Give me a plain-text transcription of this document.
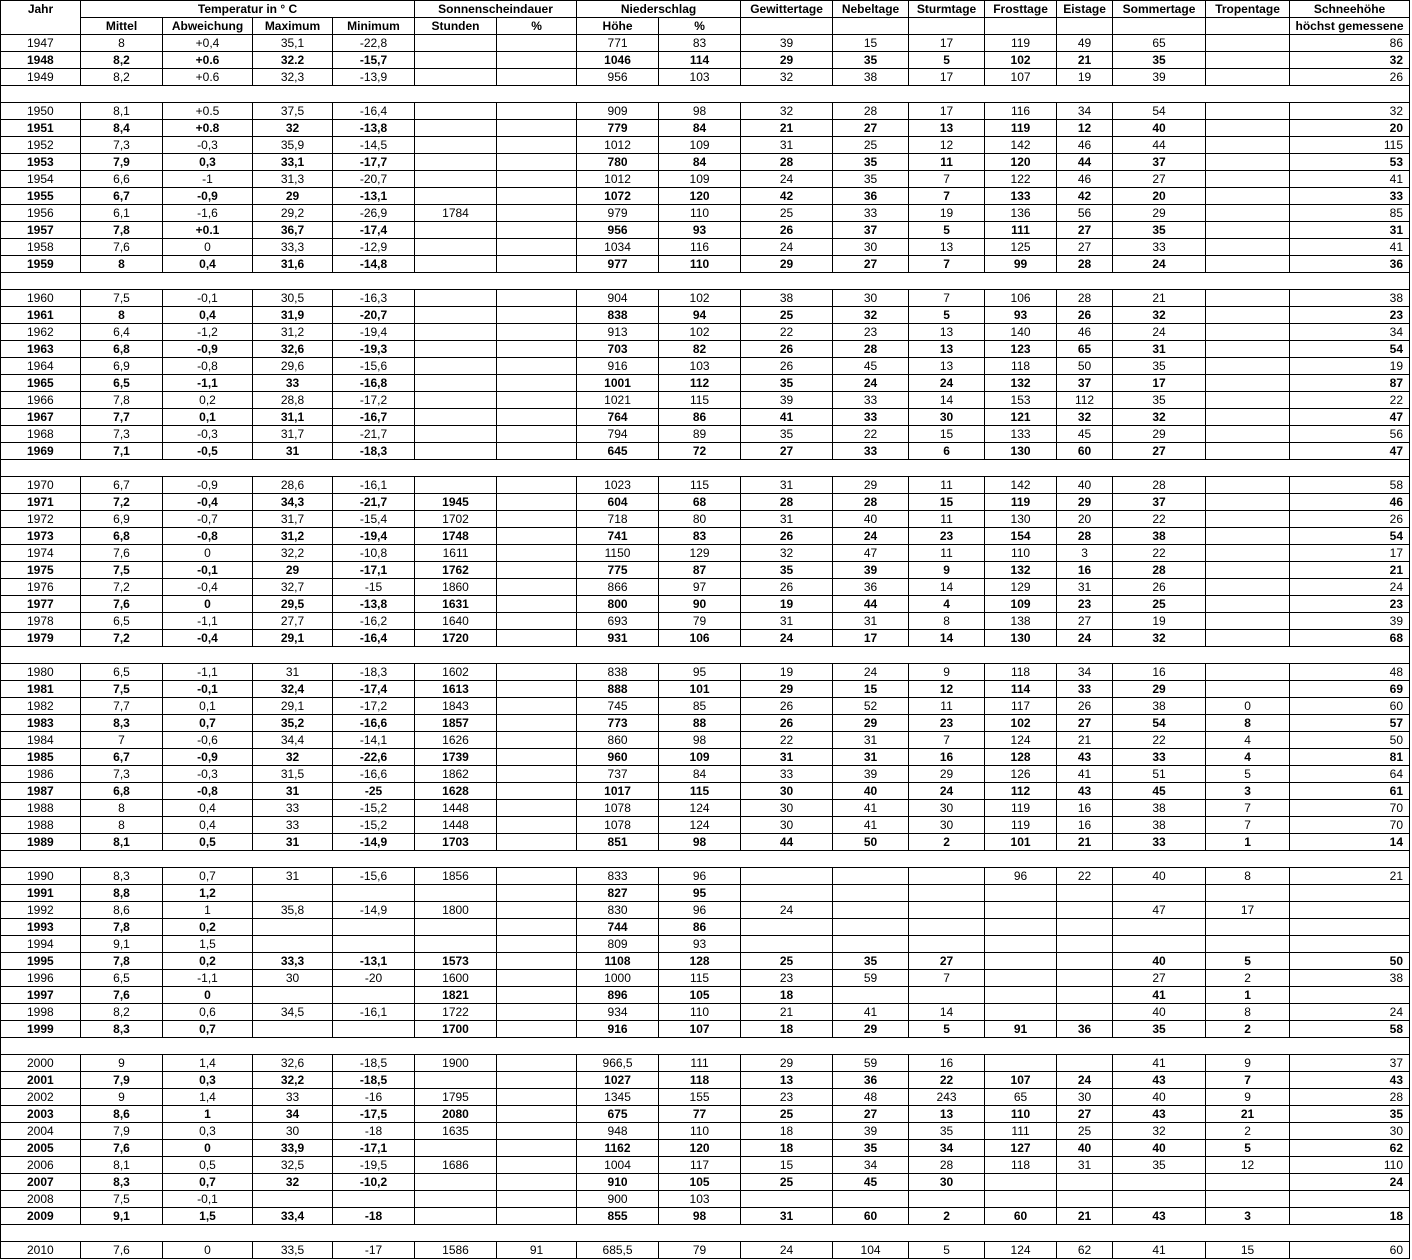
Jahr	Temperatur in ° C				Sonnenscheindauer		Niederschlag		Gewittertage	Nebeltage	Sturmtage	Frosttage	Eistage	Sommertage	Tropentage	Schneehöhe
	Mittel	Abweichung	Maximum	Minimum	Stunden	%	Höhe	%								höchst gemessene
1947	8	+0,4	35,1	-22,8			771	83	39	15	17	119	49	65		86
1948	8,2	+0.6	32.2	-15,7			1046	114	29	35	5	102	21	35		32
1949	8,2	+0.6	32,3	-13,9			956	103	32	38	17	107	19	39		26

1950	8,1	+0.5	37,5	-16,4			909	98	32	28	17	116	34	54		32
1951	8,4	+0.8	32	-13,8			779	84	21	27	13	119	12	40		20
1952	7,3	-0,3	35,9	-14,5			1012	109	31	25	12	142	46	44		115
1953	7,9	0,3	33,1	-17,7			780	84	28	35	11	120	44	37		53
1954	6,6	-1	31,3	-20,7			1012	109	24	35	7	122	46	27		41
1955	6,7	-0,9	29	-13,1			1072	120	42	36	7	133	42	20		33
1956	6,1	-1,6	29,2	-26,9	1784		979	110	25	33	19	136	56	29		85
1957	7,8	+0.1	36,7	-17,4			956	93	26	37	5	111	27	35		31
1958	7,6	0	33,3	-12,9			1034	116	24	30	13	125	27	33		41
1959	8	0,4	31,6	-14,8			977	110	29	27	7	99	28	24		36

1960	7,5	-0,1	30,5	-16,3			904	102	38	30	7	106	28	21		38
1961	8	0,4	31,9	-20,7			838	94	25	32	5	93	26	32		23
1962	6,4	-1,2	31,2	-19,4			913	102	22	23	13	140	46	24		34
1963	6,8	-0,9	32,6	-19,3			703	82	26	28	13	123	65	31		54
1964	6,9	-0,8	29,6	-15,6			916	103	26	45	13	118	50	35		19
1965	6,5	-1,1	33	-16,8			1001	112	35	24	24	132	37	17		87
1966	7,8	0,2	28,8	-17,2			1021	115	39	33	14	153	112	35		22
1967	7,7	0,1	31,1	-16,7			764	86	41	33	30	121	32	32		47
1968	7,3	-0,3	31,7	-21,7			794	89	35	22	15	133	45	29		56
1969	7,1	-0,5	31	-18,3			645	72	27	33	6	130	60	27		47

1970	6,7	-0,9	28,6	-16,1			1023	115	31	29	11	142	40	28		58
1971	7,2	-0,4	34,3	-21,7	1945		604	68	28	28	15	119	29	37		46
1972	6,9	-0,7	31,7	-15,4	1702		718	80	31	40	11	130	20	22		26
1973	6,8	-0,8	31,2	-19,4	1748		741	83	26	24	23	154	28	38		54
1974	7,6	0	32,2	-10,8	1611		1150	129	32	47	11	110	3	22		17
1975	7,5	-0,1	29	-17,1	1762		775	87	35	39	9	132	16	28		21
1976	7,2	-0,4	32,7	-15	1860		866	97	26	36	14	129	31	26		24
1977	7,6	0	29,5	-13,8	1631		800	90	19	44	4	109	23	25		23
1978	6,5	-1,1	27,7	-16,2	1640		693	79	31	31	8	138	27	19		39
1979	7,2	-0,4	29,1	-16,4	1720		931	106	24	17	14	130	24	32		68

1980	6,5	-1,1	31	-18,3	1602		838	95	19	24	9	118	34	16		48
1981	7,5	-0,1	32,4	-17,4	1613		888	101	29	15	12	114	33	29		69
1982	7,7	0,1	29,1	-17,2	1843		745	85	26	52	11	117	26	38	0	60
1983	8,3	0,7	35,2	-16,6	1857		773	88	26	29	23	102	27	54	8	57
1984	7	-0,6	34,4	-14,1	1626		860	98	22	31	7	124	21	22	4	50
1985	6,7	-0,9	32	-22,6	1739		960	109	31	31	16	128	43	33	4	81
1986	7,3	-0,3	31,5	-16,6	1862		737	84	33	39	29	126	41	51	5	64
1987	6,8	-0,8	31	-25	1628		1017	115	30	40	24	112	43	45	3	61
1988	8	0,4	33	-15,2	1448		1078	124	30	41	30	119	16	38	7	70
1988	8	0,4	33	-15,2	1448		1078	124	30	41	30	119	16	38	7	70
1989	8,1	0,5	31	-14,9	1703		851	98	44	50	2	101	21	33	1	14

1990	8,3	0,7	31	-15,6	1856		833	96				96	22	40	8	21
1991	8,8	1,2					827	95								
1992	8,6	1	35,8	-14,9	1800		830	96	24					47	17	
1993	7,8	0,2					744	86								
1994	9,1	1,5					809	93								
1995	7,8	0,2	33,3	-13,1	1573		1108	128	25	35	27			40	5	50
1996	6,5	-1,1	30	-20	1600		1000	115	23	59	7			27	2	38
1997	7,6	0			1821		896	105	18					41	1	
1998	8,2	0,6	34,5	-16,1	1722		934	110	21	41	14			40	8	24
1999	8,3	0,7			1700		916	107	18	29	5	91	36	35	2	58

2000	9	1,4	32,6	-18,5	1900		966,5	111	29	59	16			41	9	37
2001	7,9	0,3	32,2	-18,5			1027	118	13	36	22	107	24	43	7	43
2002	9	1,4	33	-16	1795		1345	155	23	48	243	65	30	40	9	28
2003	8,6	1	34	-17,5	2080		675	77	25	27	13	110	27	43	21	35
2004	7,9	0,3	30	-18	1635		948	110	18	39	35	111	25	32	2	30
2005	7,6	0	33,9	-17,1			1162	120	18	35	34	127	40	40	5	62
2006	8,1	0,5	32,5	-19,5	1686		1004	117	15	34	28	118	31	35	12	110
2007	8,3	0,7	32	-10,2			910	105	25	45	30					24
2008	7,5	-0,1					900	103								
2009	9,1	1,5	33,4	-18			855	98	31	60	2	60	21	43	3	18

2010	7,6	0	33,5	-17	1586	91	685,5	79	24	104	5	124	62	41	15	60
